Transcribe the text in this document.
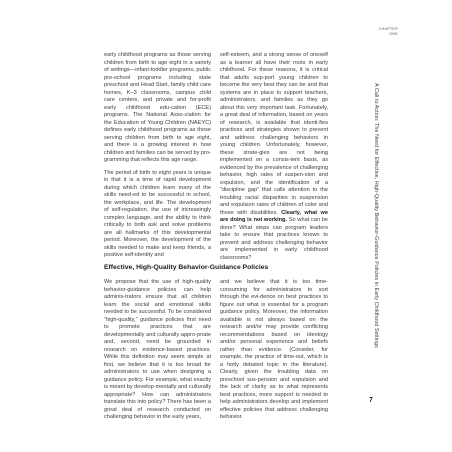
CHAPTER
ONE

early childhood programs as those serving children from birth to age eight in a variety of settings—infant-toddler programs, public pre-school programs including state preschool and Head Start, family child care homes, K–3 classrooms, campus child care centers, and private and for-profit early childhood edu-cation (ECE) programs. The National Asso-ciation for the Education of Young Children (NAEYC) defines early childhood programs as those serving children from birth to age eight, and there is a growing interest in how children and families can be served by pro-gramming that reflects this age range.

The period of birth to eight years is unique in that it is a time of rapid development during which children learn many of the skills need-ed to be successful in school, the workplace, and life. The development of self-regulation, the use of increasingly complex language, and the ability to think critically to both ask and solve problems are all hallmarks of this developmental period. Moreover, the development of the skills needed to make and keep friends, a positive self-identity and

self-esteem, and a strong sense of oneself as a learner all have their roots in early childhood. For these reasons, it is critical that adults sup-port young children to become the very best they can be and that systems are in place to support teachers, administrators, and families as they go about this very important task. Fortunately, a great deal of information, based on years of research, is available that identi-fies practices and strategies shown to prevent and address challenging behaviors in young children. Unfortunately, however, these strate-gies are not being implemented on a consis-tent basis, as evidenced by the prevalence of challenging behavior, high rates of suspen-sion and expulsion, and the identification of a “discipline gap” that calls attention to the troubling racial disparities in suspension and expulsion rates of children of color and those with disabilities. Clearly, what we are doing is not working. So what can be done? What steps can program leaders take to ensure that practices known to prevent and address challenging behavior are implemented in early childhood classrooms?

Effective, High-Quality Behavior-Guidance Policies

We propose that the use of high-quality behavior-guidance policies can help adminis-trators ensure that all children learn the social and emotional skills needed to be successful. To be considered “high-quality,” guidance policies first need to promote practices that are developmentally and culturally appro-priate and, second, need be grounded in research on evidence-based practices. While this definition may seem simple at first, we believe that it is too broad for administrators to use when designing a guidance policy. For example, what exactly is meant by develop-mentally and culturally appropriate? How can administrators translate this into policy? There has been a great deal of research conducted on challenging behavior in the early years,

and we believe that it is too time-consuming for administrators to sort through the evi-dence on best practices to figure out what is essential for a program guidance policy. Moreover, the information available is not always based on the research and/or may provide conflicting recommendations based on ideology and/or personal experience and beliefs rather than evidence. (Consider, for example, the practice of time-out, which is a hotly debated topic in the literature). Clearly, given the troubling data on preschool sus-pension and expulsion and the lack of clarity as to what represents best practices, more support is needed to help administrators develop and implement effective policies that address challenging behavior.

A Call to Action: The Need for Effective, High-Quality Behavior-Guidance Policies in Early Childhood Settings
7
